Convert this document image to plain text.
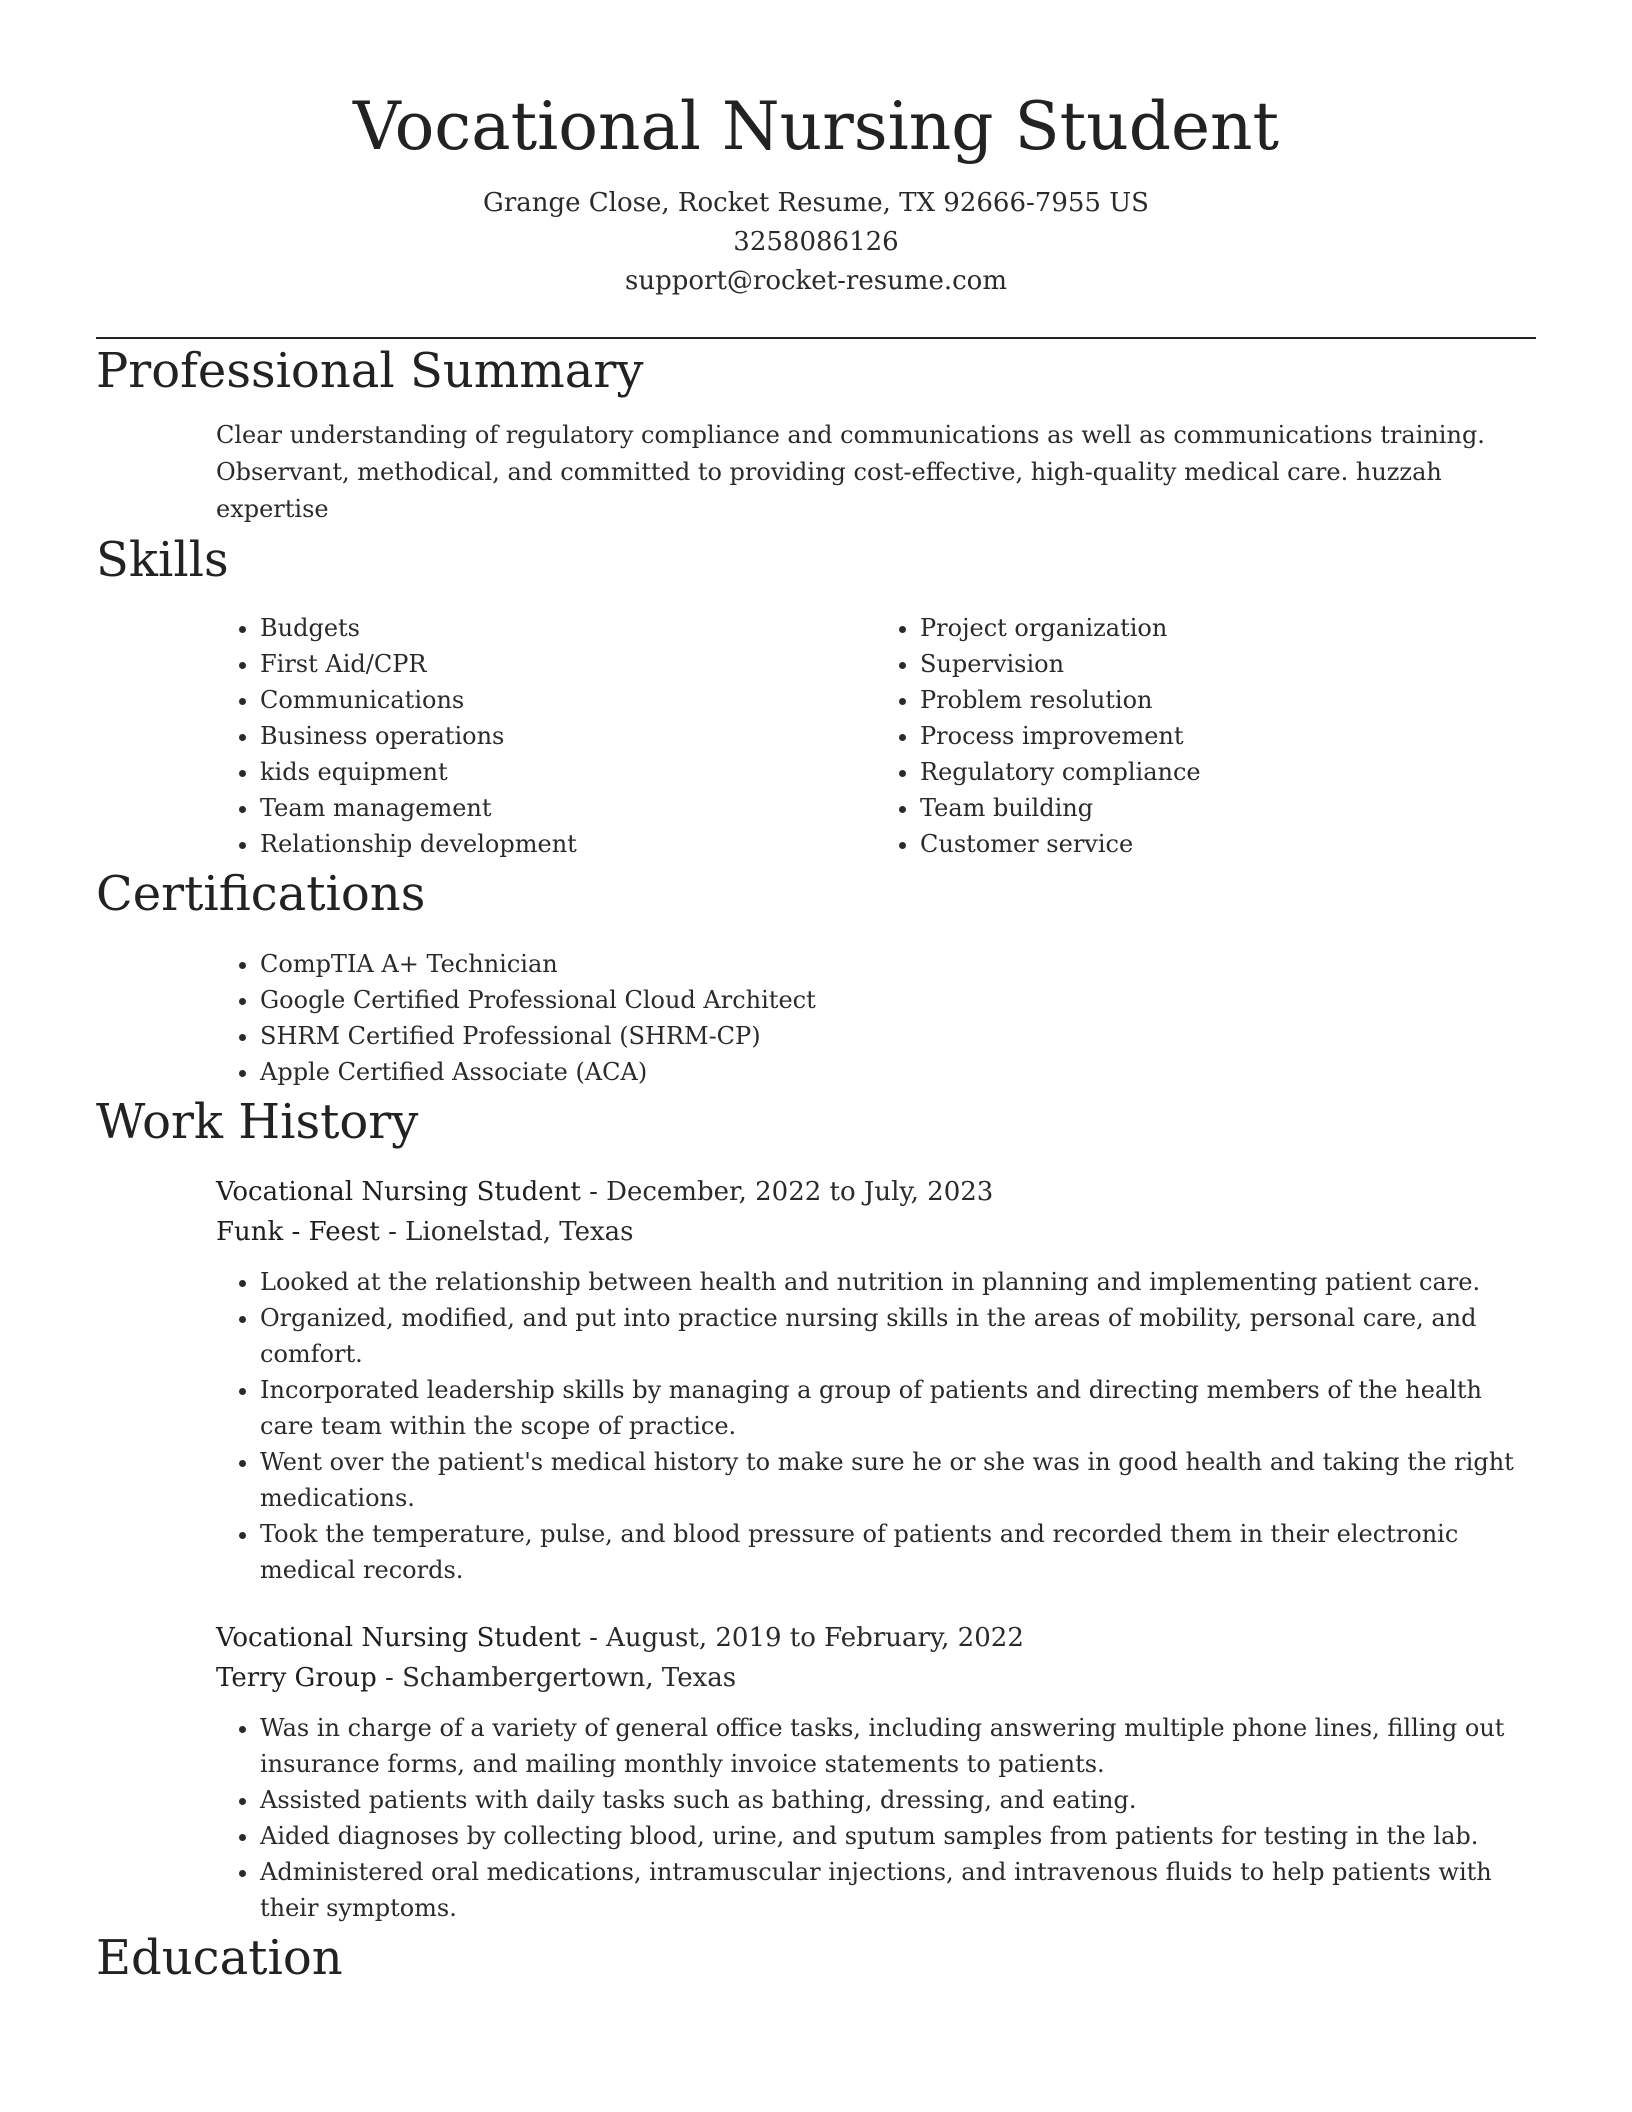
Vocational Nursing Student
Grange Close, Rocket Resume, TX 92666-7955 US
3258086126
support@rocket-resume.com
Professional Summary

Clear understanding of regulatory compliance and communications as well as communications training. Observant, methodical, and committed to providing cost-effective, high-quality medical care. huzzah expertise

Skills
• Budgets
• First Aid/CPR
• Communications
• Business operations
• kids equipment
• Team management
• Relationship development
• Project organization
• Supervision
• Problem resolution
• Process improvement
• Regulatory compliance
• Team building
• Customer service
Certifications
• CompTIA A+ Technician
• Google Certified Professional Cloud Architect
• SHRM Certified Professional (SHRM-CP)
• Apple Certified Associate (ACA)
Work History
Vocational Nursing Student - December, 2022 to July, 2023
Funk - Feest - Lionelstad, Texas
• Looked at the relationship between health and nutrition in planning and implementing patient care.
• Organized, modified, and put into practice nursing skills in the areas of mobility, personal care, and comfort.
• Incorporated leadership skills by managing a group of patients and directing members of the health care team within the scope of practice.
• Went over the patient's medical history to make sure he or she was in good health and taking the right medications.
• Took the temperature, pulse, and blood pressure of patients and recorded them in their electronic medical records.
Vocational Nursing Student - August, 2019 to February, 2022
Terry Group - Schambergertown, Texas
• Was in charge of a variety of general office tasks, including answering multiple phone lines, filling out insurance forms, and mailing monthly invoice statements to patients.
• Assisted patients with daily tasks such as bathing, dressing, and eating.
• Aided diagnoses by collecting blood, urine, and sputum samples from patients for testing in the lab.
• Administered oral medications, intramuscular injections, and intravenous fluids to help patients with their symptoms.
Education
